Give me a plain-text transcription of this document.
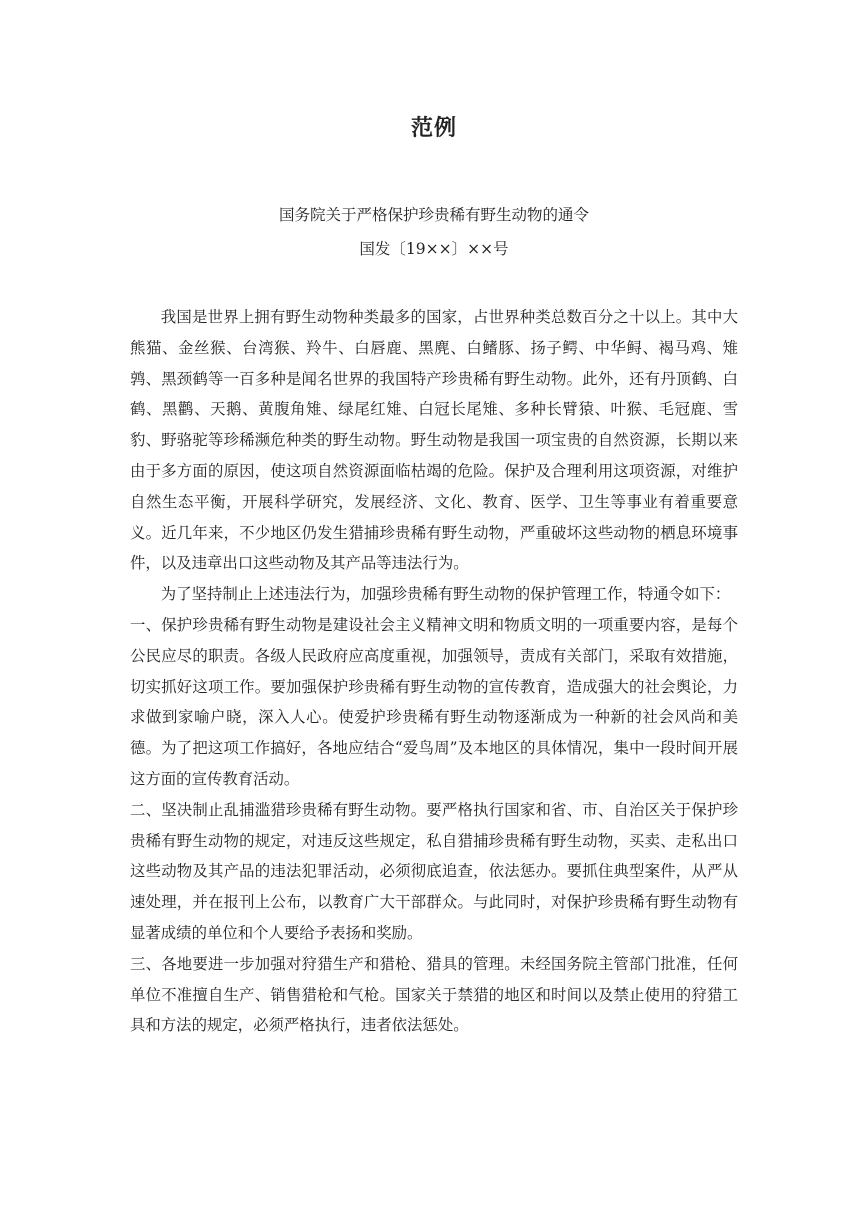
范例
国务院关于严格保护珍贵稀有野生动物的通令
国发〔19××〕××号

我国是世界上拥有野生动物种类最多的国家，占世界种类总数百分之十以上。其中大熊猫、金丝猴、台湾猴、羚牛、白唇鹿、黑麂、白鳍豚、扬子鳄、中华鲟、褐马鸡、雉鹑、黑颈鹤等一百多种是闻名世界的我国特产珍贵稀有野生动物。此外，还有丹顶鹤、白鹤、黑鹳、天鹅、黄腹角雉、绿尾红雉、白冠长尾雉、多种长臂猿、叶猴、毛冠鹿、雪豹、野骆驼等珍稀濒危种类的野生动物。野生动物是我国一项宝贵的自然资源，长期以来由于多方面的原因，使这项自然资源面临枯竭的危险。保护及合理利用这项资源，对维护自然生态平衡，开展科学研究，发展经济、文化、教育、医学、卫生等事业有着重要意义。近几年来，不少地区仍发生猎捕珍贵稀有野生动物，严重破坏这些动物的栖息环境事件，以及违章出口这些动物及其产品等违法行为。

为了坚持制止上述违法行为，加强珍贵稀有野生动物的保护管理工作，特通令如下：

一、保护珍贵稀有野生动物是建设社会主义精神文明和物质文明的一项重要内容，是每个公民应尽的职责。各级人民政府应高度重视，加强领导，责成有关部门，采取有效措施，切实抓好这项工作。要加强保护珍贵稀有野生动物的宣传教育，造成强大的社会舆论，力求做到家喻户晓，深入人心。使爱护珍贵稀有野生动物逐渐成为一种新的社会风尚和美德。为了把这项工作搞好，各地应结合“爱鸟周”及本地区的具体情况，集中一段时间开展这方面的宣传教育活动。

二、坚决制止乱捕滥猎珍贵稀有野生动物。要严格执行国家和省、市、自治区关于保护珍贵稀有野生动物的规定，对违反这些规定，私自猎捕珍贵稀有野生动物，买卖、走私出口这些动物及其产品的违法犯罪活动，必须彻底追查，依法惩办。要抓住典型案件，从严从速处理，并在报刊上公布，以教育广大干部群众。与此同时，对保护珍贵稀有野生动物有显著成绩的单位和个人要给予表扬和奖励。

三、各地要进一步加强对狩猎生产和猎枪、猎具的管理。未经国务院主管部门批准，任何单位不准擅自生产、销售猎枪和气枪。国家关于禁猎的地区和时间以及禁止使用的狩猎工具和方法的规定，必须严格执行，违者依法惩处。
